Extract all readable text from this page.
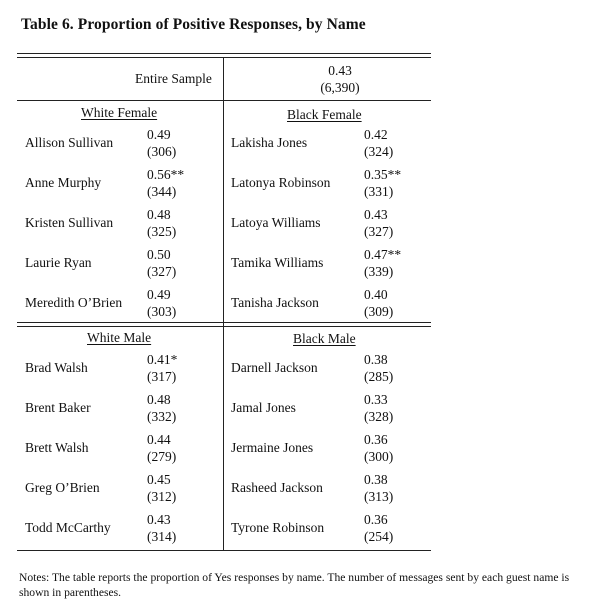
Table 6. Proportion of Positive Responses, by Name
Entire Sample
0.43
(6,390)
White Female	Black Female
White Male	Black Male
Allison Sullivan
0.49
(306)
Anne Murphy
0.56**
(344)
Kristen Sullivan
0.48
(325)
Laurie Ryan
0.50
(327)
Meredith O’Brien
0.49
(303)
Lakisha Jones
0.42
(324)
Latonya Robinson
0.35**
(331)
Latoya Williams
0.43
(327)
Tamika Williams
0.47**
(339)
Tanisha Jackson
0.40
(309)
Brad Walsh
0.41*
(317)
Brent Baker
0.48
(332)
Brett Walsh
0.44
(279)
Greg O’Brien
0.45
(312)
Todd McCarthy
0.43
(314)
Darnell Jackson
0.38
(285)
Jamal Jones
0.33
(328)
Jermaine Jones
0.36
(300)
Rasheed Jackson
0.38
(313)
Tyrone Robinson
0.36
(254)
Notes: The table reports the proportion of Yes responses by name. The number of messages sent by each guest name is shown in parentheses.
